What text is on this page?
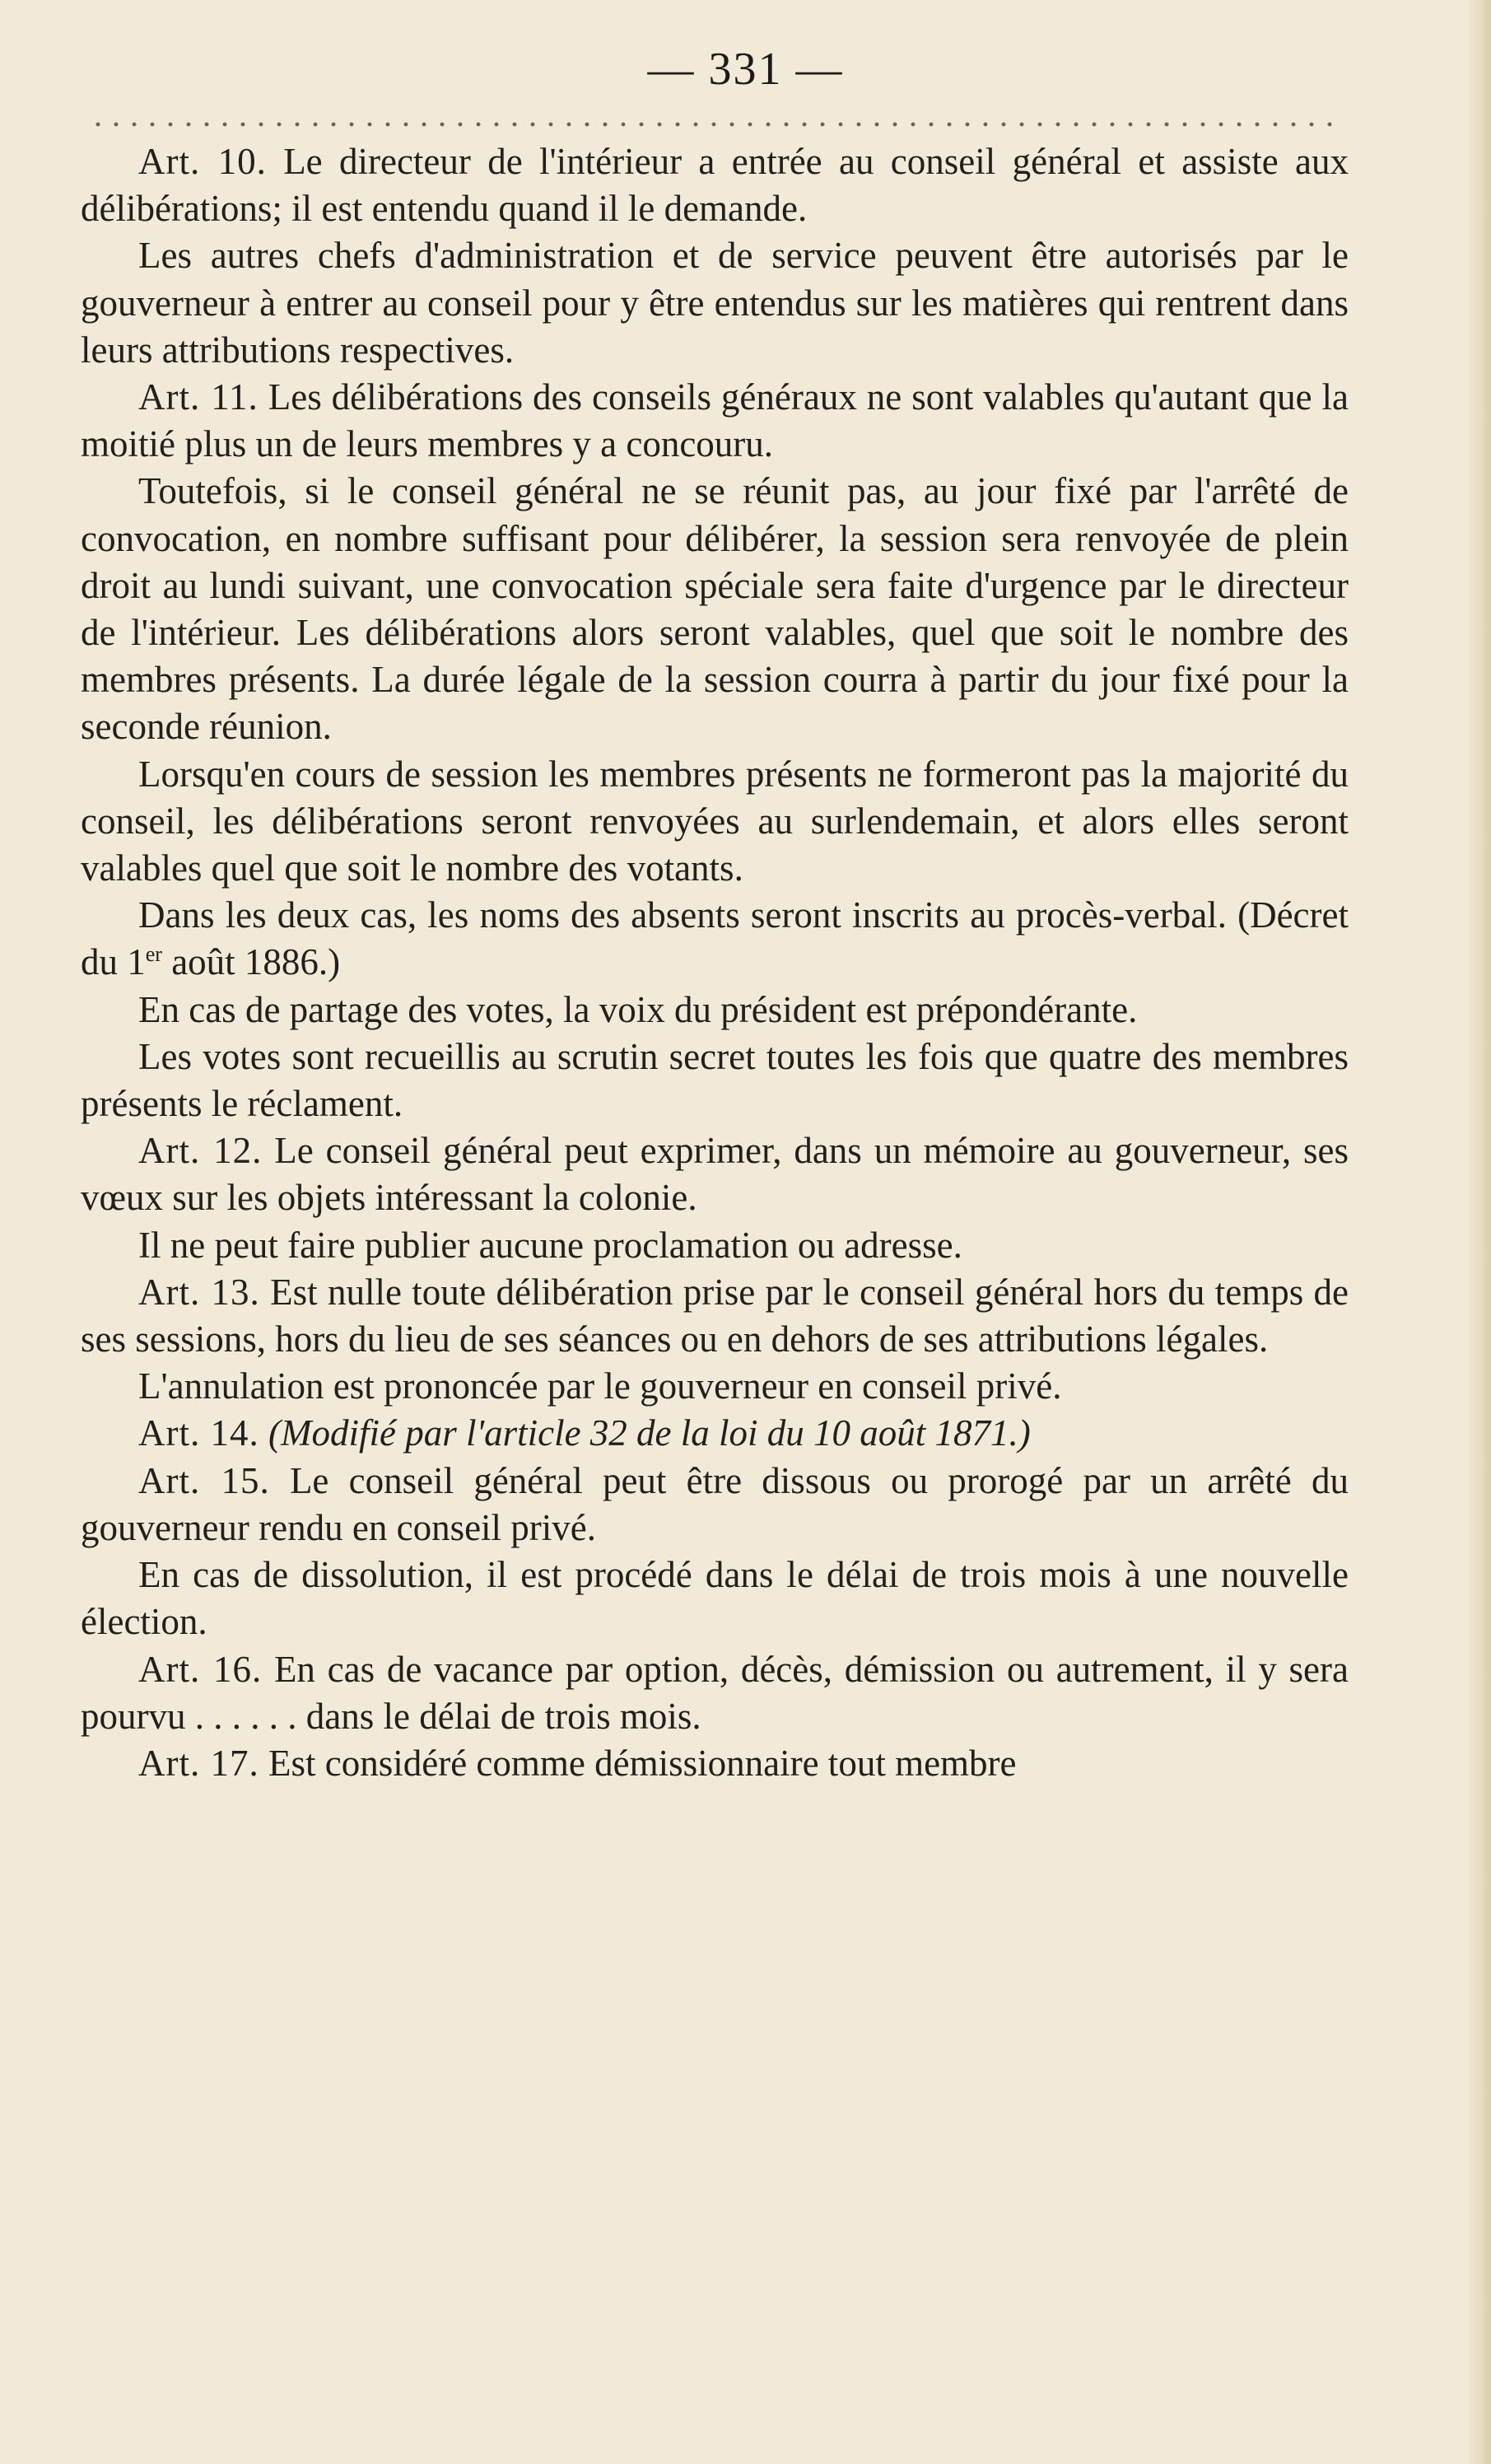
— 331 —

Art. 10. Le directeur de l'intérieur a entrée au conseil général et assiste aux délibérations; il est entendu quand il le demande.

Les autres chefs d'administration et de service peuvent être autorisés par le gouverneur à entrer au conseil pour y être entendus sur les matières qui rentrent dans leurs attributions respectives.

Art. 11. Les délibérations des conseils généraux ne sont valables qu'autant que la moitié plus un de leurs membres y a concouru.

Toutefois, si le conseil général ne se réunit pas, au jour fixé par l'arrêté de convocation, en nombre suffisant pour délibérer, la session sera renvoyée de plein droit au lundi suivant, une convocation spéciale sera faite d'urgence par le directeur de l'intérieur. Les délibérations alors seront valables, quel que soit le nombre des membres présents. La durée légale de la session courra à partir du jour fixé pour la seconde réunion.

Lorsqu'en cours de session les membres présents ne formeront pas la majorité du conseil, les délibérations seront renvoyées au surlendemain, et alors elles seront valables quel que soit le nombre des votants.

Dans les deux cas, les noms des absents seront inscrits au procès-verbal. (Décret du 1er août 1886.)

En cas de partage des votes, la voix du président est prépondérante.

Les votes sont recueillis au scrutin secret toutes les fois que quatre des membres présents le réclament.

Art. 12. Le conseil général peut exprimer, dans un mémoire au gouverneur, ses vœux sur les objets intéressant la colonie.

Il ne peut faire publier aucune proclamation ou adresse.

Art. 13. Est nulle toute délibération prise par le conseil général hors du temps de ses sessions, hors du lieu de ses séances ou en dehors de ses attributions légales.

L'annulation est prononcée par le gouverneur en conseil privé.

Art. 14. (Modifié par l'article 32 de la loi du 10 août 1871.)

Art. 15. Le conseil général peut être dissous ou prorogé par un arrêté du gouverneur rendu en conseil privé.

En cas de dissolution, il est procédé dans le délai de trois mois à une nouvelle élection.

Art. 16. En cas de vacance par option, décès, démission ou autrement, il y sera pourvu . . . . . . dans le délai de trois mois.

Art. 17. Est considéré comme démissionnaire tout membre
